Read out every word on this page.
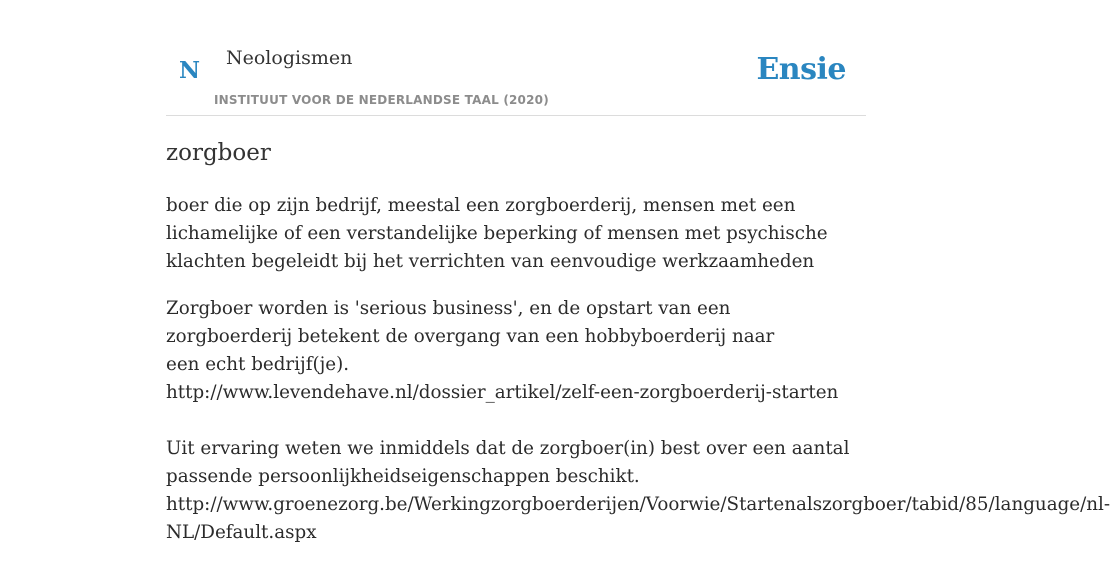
N Neologismen
INSTITUUT VOOR DE NEDERLANDSE TAAL (2020)
Ensie
zorgboer

boer die op zijn bedrijf, meestal een zorgboerderij, mensen met een lichamelijke of een verstandelijke beperking of mensen met psychische klachten begeleidt bij het verrichten van eenvoudige werkzaamheden

Zorgboer worden is 'serious business', en de opstart van een zorgboerderij betekent de overgang van een hobbyboerderij naar een echt bedrijf(je).
http://www.levendehave.nl/dossier_artikel/zelf-een-zorgboerderij-starten
Uit ervaring weten we inmiddels dat de zorgboer(in) best over een aantal passende persoonlijkheidseigenschappen beschikt.
http://www.groenezorg.be/Werkingzorgboerderijen/Voorwie/Startenalszorgboer/tabid/85/language/nl-
NL/Default.aspx
